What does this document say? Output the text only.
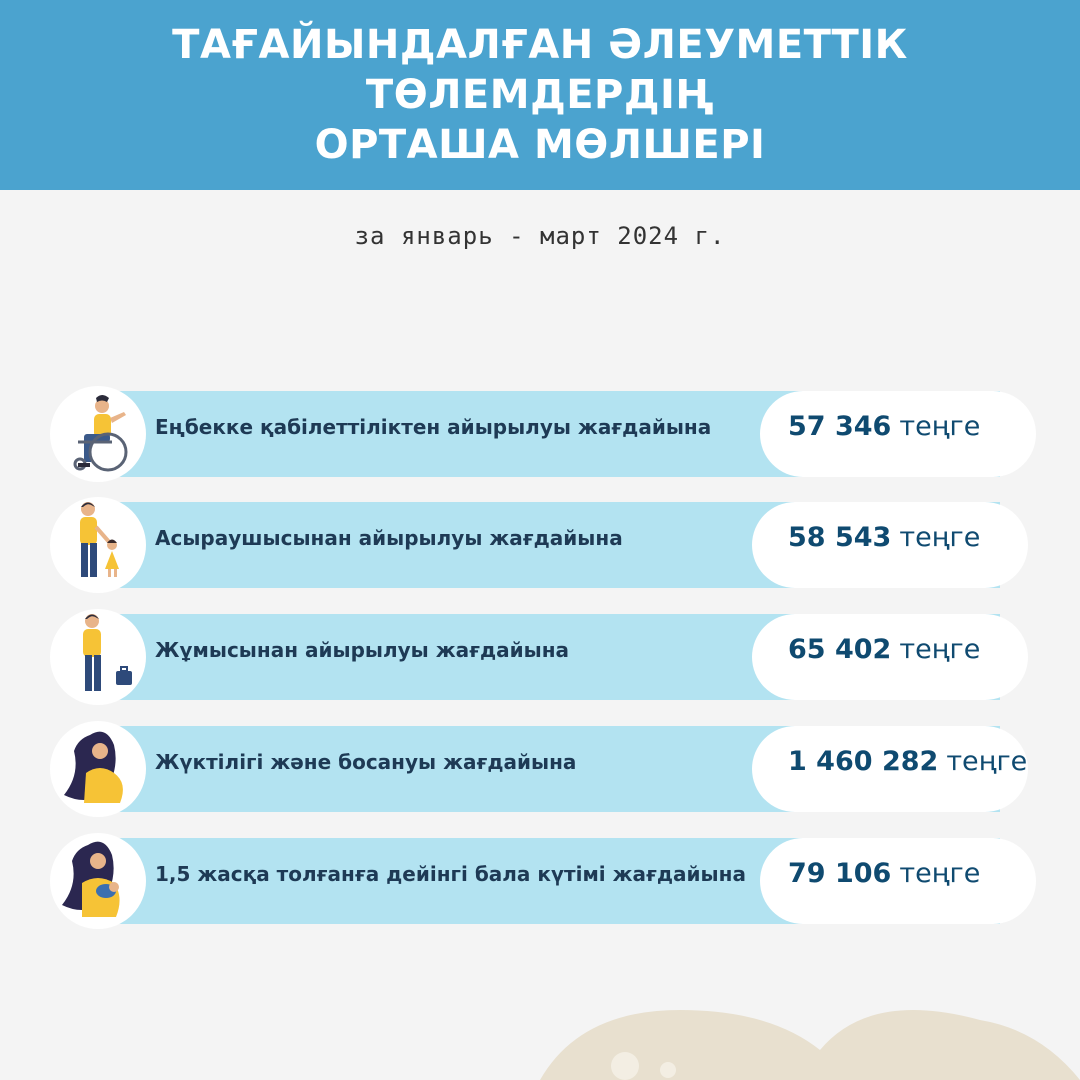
ТАҒАЙЫНДАЛҒАН ӘЛЕУМЕТТІК ТӨЛЕМДЕРДІҢ
ОРТАША МӨЛШЕРІ
за январь - март 2024 г.
Еңбекке қабілеттіліктен айырылуы жағдайына	57 346 теңге
Асыраушысынан айырылуы жағдайына	58 543 теңге
Жұмысынан айырылуы жағдайына	65 402 теңге
Жүктілігі және босануы жағдайына	1 460 282 теңге
1,5 жасқа толғанға дейінгі бала күтімі жағдайына 79 106 теңге
